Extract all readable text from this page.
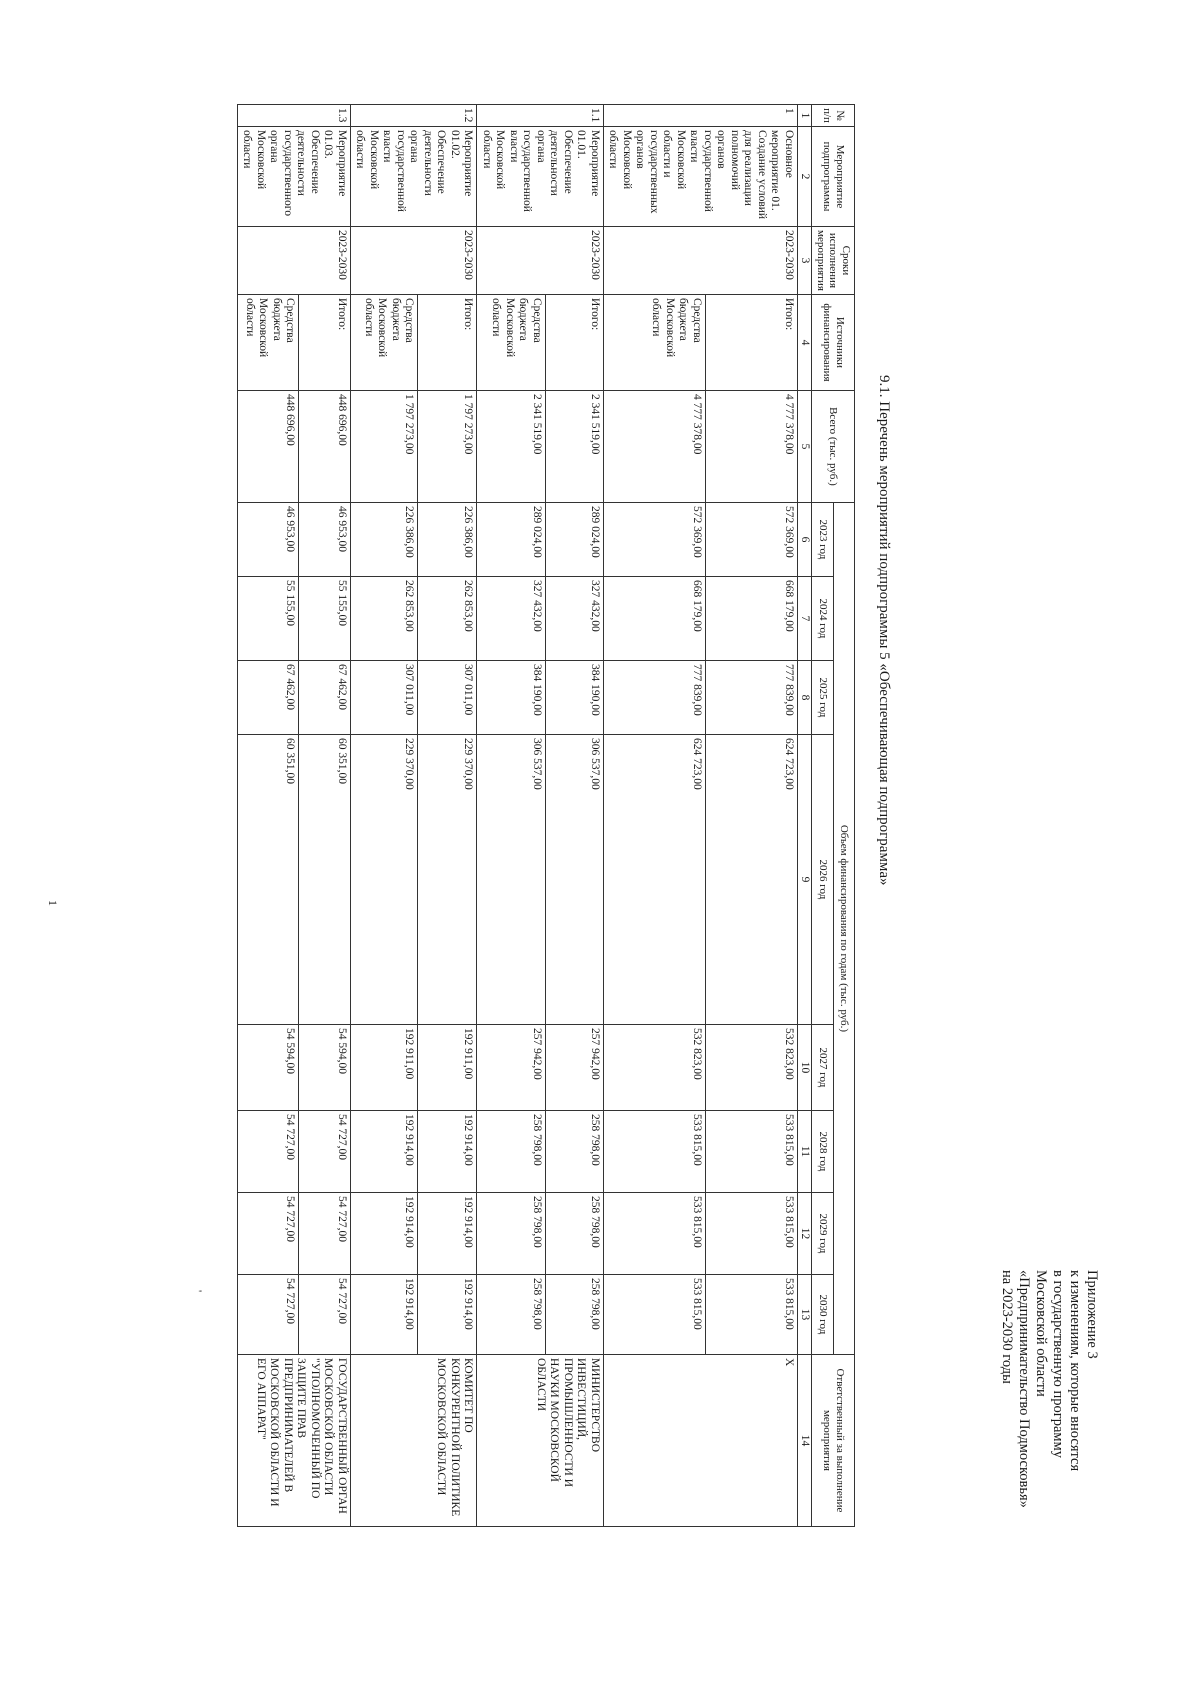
'	Приложение 3
к изменениям, которые вносятся
в государственную программу
Московской области
«Предпринимательство Подмосковья»
на 2023-2030 годы
9.1. Перечень мероприятий подпрограммы 5 «Обеспечивающая подпрограмма»
№ п/п	Мероприятие подпрограммы	Сроки исполнения мероприятия	Источники финансирования	Всего (тыс. руб.)	Объем финансирования по годам (тыс. руб.)								Ответственный за выполнение мероприятия
					2023 год	2024 год	2025 год	2026 год	2027 год	2028 год	2029 год	2030 год	
1	2	3	4	5	6	7	8	9	10	11	12	13	14
1	Основное мероприятие 01. Создание условий для реализации полномочий органов государственной власти Московской области и государственных органов Московской области	2023-2030	Итого:	4 777 378,00	572 369,00	668 179,00	777 839,00	624 723,00	532 823,00	533 815,00	533 815,00	533 815,00	Х
			Средства бюджета Московской области	4 777 378,00	572 369,00	668 179,00	777 839,00	624 723,00	532 823,00	533 815,00	533 815,00	533 815,00	
1.1	Мероприятие 01.01. Обеспечение деятельности органа государственной власти Московской области	2023-2030	Итого:	2 341 519,00	289 024,00	327 432,00	384 190,00	306 537,00	257 942,00	258 798,00	258 798,00	258 798,00	МИНИСТЕРСТВО ИНВЕСТИЦИЙ, ПРОМЫШЛЕННОСТИ И НАУКИ МОСКОВСКОЙ ОБЛАСТИ
			Средства бюджета Московской области	2 341 519,00	289 024,00	327 432,00	384 190,00	306 537,00	257 942,00	258 798,00	258 798,00	258 798,00	
1.2	Мероприятие 01.02. Обеспечение деятельности органа государственной власти Московской области	2023-2030	Итого:	1 797 273,00	226 386,00	262 853,00	307 011,00	229 370,00	192 911,00	192 914,00	192 914,00	192 914,00	КОМИТЕТ ПО КОНКУРЕНТНОЙ ПОЛИТИКЕ МОСКОВСКОЙ ОБЛАСТИ
			Средства бюджета Московской области	1 797 273,00	226 386,00	262 853,00	307 011,00	229 370,00	192 911,00	192 914,00	192 914,00	192 914,00	
1.3	Мероприятие 01.03. Обеспечение деятельности государственного органа Московской области	2023-2030	Итого:	448 696,00	46 953,00	55 155,00	67 462,00	60 351,00	54 594,00	54 727,00	54 727,00	54 727,00	ГОСУДАРСТВЕННЫЙ ОРГАН МОСКОВСКОЙ ОБЛАСТИ "УПОЛНОМОЧЕННЫЙ ПО ЗАЩИТЕ ПРАВ ПРЕДПРИНИМАТЕЛЕЙ В МОСКОВСКОЙ ОБЛАСТИ И ЕГО АППАРАТ"
			Средства бюджета Московской области	448 696,00	46 953,00	55 155,00	67 462,00	60 351,00	54 594,00	54 727,00	54 727,00	54 727,00	
1
